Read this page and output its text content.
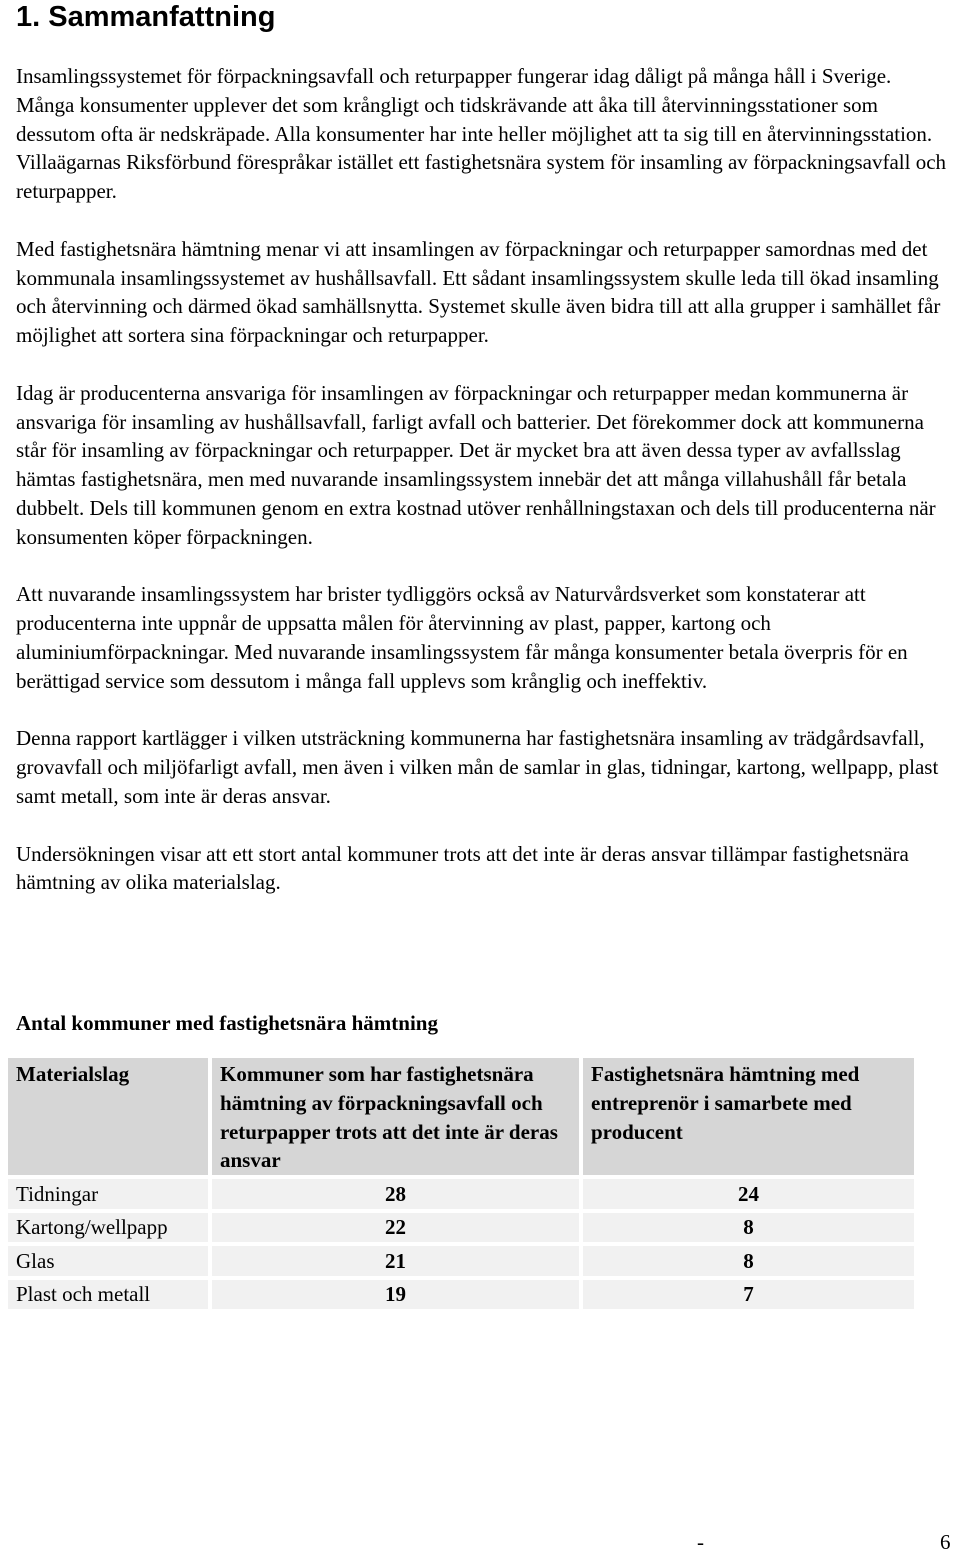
1. Sammanfattning

Insamlingssystemet för förpackningsavfall och returpapper fungerar idag dåligt på många håll i Sverige. Många konsumenter upplever det som krångligt och tidskrävande att åka till återvinningsstationer som dessutom ofta är nedskräpade. Alla konsumenter har inte heller möjlighet att ta sig till en återvinningsstation. Villaägarnas Riksförbund förespråkar istället ett fastighetsnära system för insamling av förpackningsavfall och returpapper.

Med fastighetsnära hämtning menar vi att insamlingen av förpackningar och returpapper samordnas med det kommunala insamlingssystemet av hushållsavfall. Ett sådant insamlingssystem skulle leda till ökad insamling och återvinning och därmed ökad samhällsnytta. Systemet skulle även bidra till att alla grupper i samhället får möjlighet att sortera sina förpackningar och returpapper.

Idag är producenterna ansvariga för insamlingen av förpackningar och returpapper medan kommunerna är ansvariga för insamling av hushållsavfall, farligt avfall och batterier. Det förekommer dock att kommunerna står för insamling av förpackningar och returpapper. Det är mycket bra att även dessa typer av avfallsslag hämtas fastighetsnära, men med nuvarande insamlingssystem innebär det att många villahushåll får betala dubbelt. Dels till kommunen genom en extra kostnad utöver renhållningstaxan och dels till producenterna när konsumenten köper förpackningen.

Att nuvarande insamlingssystem har brister tydliggörs också av Naturvårdsverket som konstaterar att producenterna inte uppnår de uppsatta målen för återvinning av plast, papper, kartong och aluminiumförpackningar. Med nuvarande insamlingssystem får många konsumenter betala överpris för en berättigad service som dessutom i många fall upplevs som krånglig och ineffektiv.

Denna rapport kartlägger i vilken utsträckning kommunerna har fastighetsnära insamling av trädgårdsavfall, grovavfall och miljöfarligt avfall, men även i vilken mån de samlar in glas, tidningar, kartong, wellpapp, plast samt metall, som inte är deras ansvar.

Undersökningen visar att ett stort antal kommuner trots att det inte är deras ansvar tillämpar fastighetsnära hämtning av olika materialslag.

Antal kommuner med fastighetsnära hämtning
Materialslag	Kommuner som har fastighetsnära hämtning av förpackningsavfall och returpapper trots att det inte är deras ansvar	Fastighetsnära hämtning med entreprenör i samarbete med producent
Tidningar	28	24
Kartong/wellpapp	22	8
Glas	21	8
Plast och metall	19	7
-	6
